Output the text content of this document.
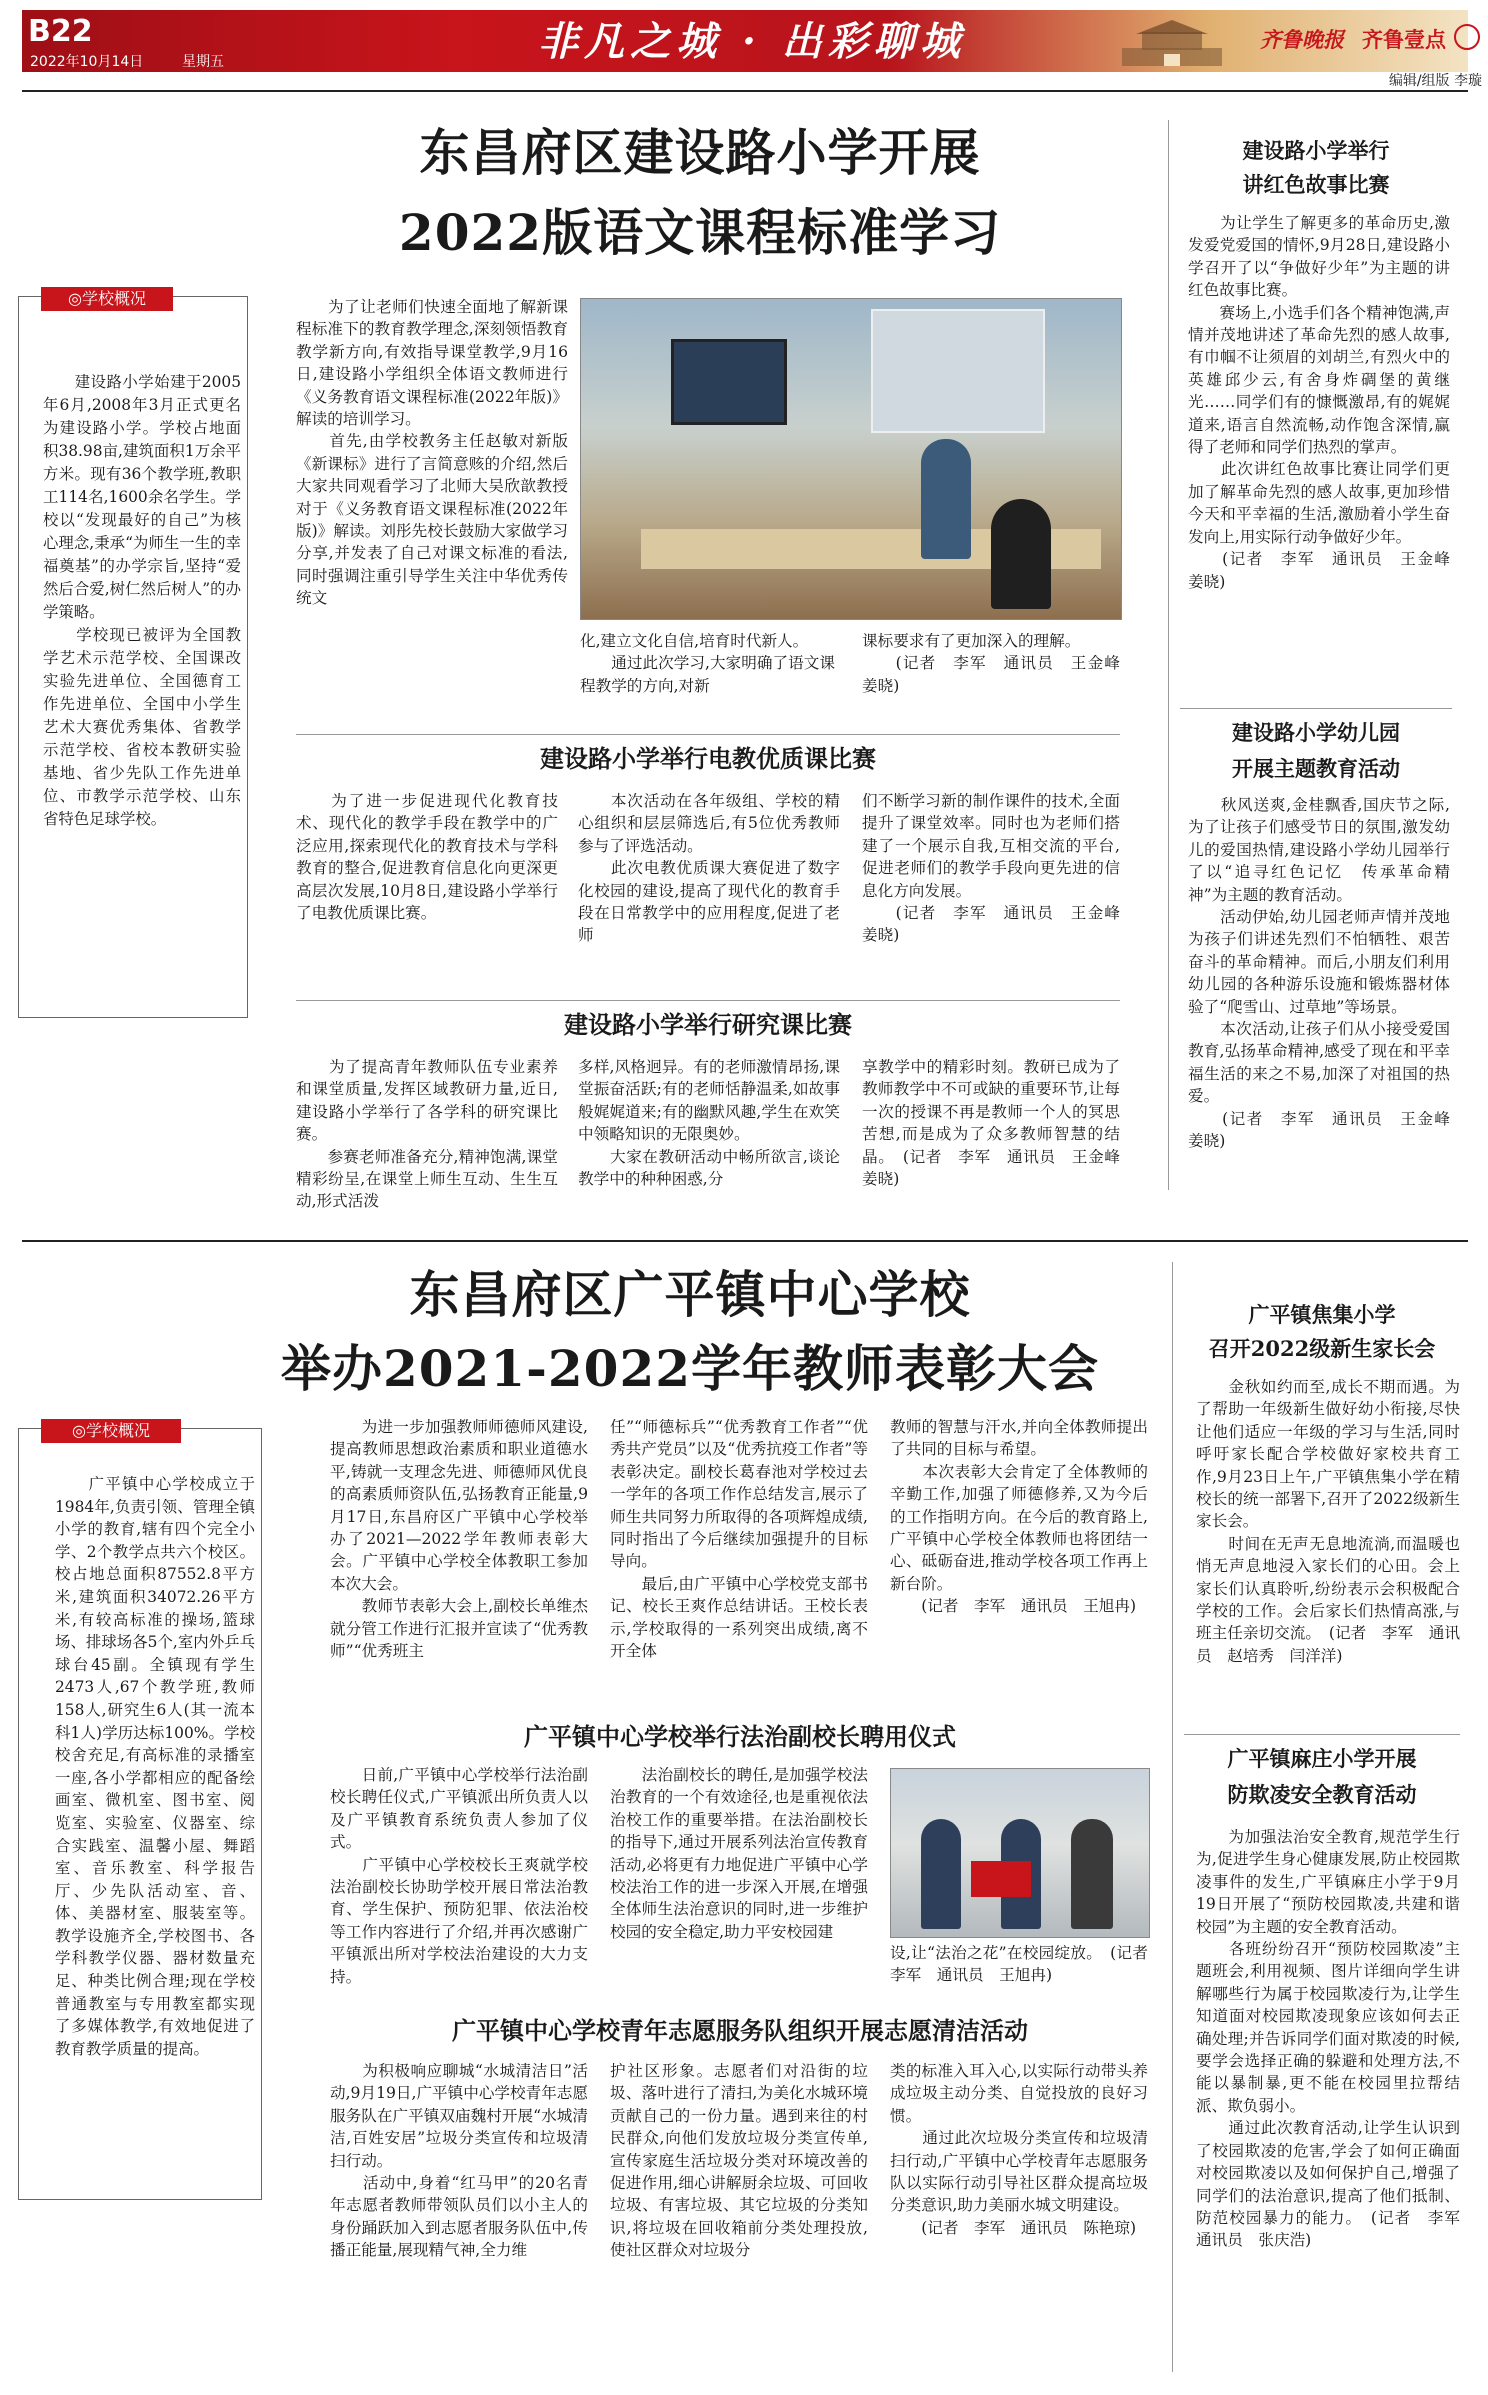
B22
2022年10月14日	星期五	非凡之城 · 出彩聊城	齐鲁晚报 齐鲁壹点
编辑/组版 李璇
东昌府区建设路小学开展
2022版语文课程标准学习
◎学校概况
　　建设路小学始建于2005年6月,2008年3月正式更名为建设路小学。学校占地面积38.98亩,建筑面积1万余平方米。现有36个教学班,教职工114名,1600余名学生。学校以“发现最好的自己”为核心理念,秉承“为师生一生的幸福奠基”的办学宗旨,坚持“爱然后合爱,树仁然后树人”的办学策略。
　　学校现已被评为全国教学艺术示范学校、全国课改实验先进单位、全国德育工作先进单位、全国中小学生艺术大赛优秀集体、省教学示范学校、省校本教研实验基地、省少先队工作先进单位、市教学示范学校、山东省特色足球学校。
　　为了让老师们快速全面地了解新课程标准下的教育教学理念,深刻领悟教育教学新方向,有效指导课堂教学,9月16日,建设路小学组织全体语文教师进行《义务教育语文课程标准(2022年版)》解读的培训学习。
　　首先,由学校教务主任赵敏对新版《新课标》进行了言简意赅的介绍,然后大家共同观看学习了北师大吴欣歆教授对于《义务教育语文课程标准(2022年版)》解读。刘彤先校长鼓励大家做学习分享,并发表了自己对课文标准的看法,同时强调注重引导学生关注中华优秀传统文
化,建立文化自信,培育时代新人。
　　通过此次学习,大家明确了语文课程教学的方向,对新
课标要求有了更加深入的理解。
　　(记者　李军　通讯员　王金峰　姜晓)
建设路小学举行电教优质课比赛
　　为了进一步促进现代化教育技术、现代化的教学手段在教学中的广泛应用,探索现代化的教育技术与学科教育的整合,促进教育信息化向更深更高层次发展,10月8日,建设路小学举行了电教优质课比赛。
　　本次活动在各年级组、学校的精心组织和层层筛选后,有5位优秀教师参与了评选活动。
　　此次电教优质课大赛促进了数字化校园的建设,提高了现代化的教育手段在日常教学中的应用程度,促进了老师
们不断学习新的制作课件的技术,全面提升了课堂效率。同时也为老师们搭建了一个展示自我,互相交流的平台,促进老师们的教学手段向更先进的信息化方向发展。
　　(记者　李军　通讯员　王金峰　姜晓)
建设路小学举行研究课比赛
　　为了提高青年教师队伍专业素养和课堂质量,发挥区域教研力量,近日,建设路小学举行了各学科的研究课比赛。
　　参赛老师准备充分,精神饱满,课堂精彩纷呈,在课堂上师生互动、生生互动,形式活泼
多样,风格迥异。有的老师激情昂扬,课堂振奋活跃;有的老师恬静温柔,如故事般娓娓道来;有的幽默风趣,学生在欢笑中领略知识的无限奥妙。
　　大家在教研活动中畅所欲言,谈论教学中的种种困惑,分
享教学中的精彩时刻。教研已成为了教师教学中不可或缺的重要环节,让每一次的授课不再是教师一个人的冥思苦想,而是成为了众多教师智慧的结晶。　(记者　李军　通讯员　王金峰　姜晓)
建设路小学举行
讲红色故事比赛
　　为让学生了解更多的革命历史,激发爱党爱国的情怀,9月28日,建设路小学召开了以“争做好少年”为主题的讲红色故事比赛。
　　赛场上,小选手们各个精神饱满,声情并茂地讲述了革命先烈的感人故事,有巾帼不让须眉的刘胡兰,有烈火中的英雄邱少云,有舍身炸碉堡的黄继光……同学们有的慷慨激昂,有的娓娓道来,语言自然流畅,动作饱含深情,赢得了老师和同学们热烈的掌声。
　　此次讲红色故事比赛让同学们更加了解革命先烈的感人故事,更加珍惜今天和平幸福的生活,激励着小学生奋发向上,用实际行动争做好少年。
　　(记者　李军　通讯员　王金峰　姜晓)
建设路小学幼儿园
开展主题教育活动
　　秋风送爽,金桂飘香,国庆节之际,为了让孩子们感受节日的氛围,激发幼儿的爱国热情,建设路小学幼儿园举行了以“追寻红色记忆　传承革命精神”为主题的教育活动。
　　活动伊始,幼儿园老师声情并茂地为孩子们讲述先烈们不怕牺牲、艰苦奋斗的革命精神。而后,小朋友们利用幼儿园的各种游乐设施和锻炼器材体验了“爬雪山、过草地”等场景。
　　本次活动,让孩子们从小接受爱国教育,弘扬革命精神,感受了现在和平幸福生活的来之不易,加深了对祖国的热爱。
　　(记者　李军　通讯员　王金峰　姜晓)
东昌府区广平镇中心学校
举办2021-2022学年教师表彰大会
◎学校概况
　　广平镇中心学校成立于1984年,负责引领、管理全镇小学的教育,辖有四个完全小学、2个教学点共六个校区。校占地总面积87552.8平方米,建筑面积34072.26平方米,有较高标准的操场,篮球场、排球场各5个,室内外乒乓球台45副。全镇现有学生2473人,67个教学班,教师158人,研究生6人(其一流本科1人)学历达标100%。学校校舍充足,有高标准的录播室一座,各小学都相应的配备绘画室、微机室、图书室、阅览室、实验室、仪器室、综合实践室、温馨小屋、舞蹈室、音乐教室、科学报告厅、少先队活动室、音、体、美器材室、服装室等。教学设施齐全,学校图书、各学科教学仪器、器材数量充足、种类比例合理;现在学校普通教室与专用教室都实现了多媒体教学,有效地促进了教育教学质量的提高。
　　为进一步加强教师师德师风建设,提高教师思想政治素质和职业道德水平,铸就一支理念先进、师德师风优良的高素质师资队伍,弘扬教育正能量,9月17日,东昌府区广平镇中心学校举办了2021—2022学年教师表彰大会。广平镇中心学校全体教职工参加本次大会。
　　教师节表彰大会上,副校长单维杰就分管工作进行汇报并宣读了“优秀教师”“优秀班主
任”“师德标兵”“优秀教育工作者”“优秀共产党员”以及“优秀抗疫工作者”等表彰决定。副校长葛春池对学校过去一学年的各项工作作总结发言,展示了师生共同努力所取得的各项辉煌成绩,同时指出了今后继续加强提升的目标导向。
　　最后,由广平镇中心学校党支部书记、校长王爽作总结讲话。王校长表示,学校取得的一系列突出成绩,离不开全体
教师的智慧与汗水,并向全体教师提出了共同的目标与希望。
　　本次表彰大会肯定了全体教师的辛勤工作,加强了师德修养,又为今后的工作指明方向。在今后的教育路上,广平镇中心学校全体教师也将团结一心、砥砺奋进,推动学校各项工作再上新台阶。
　　(记者　李军　通讯员　王旭冉)
广平镇中心学校举行法治副校长聘用仪式
　　日前,广平镇中心学校举行法治副校长聘任仪式,广平镇派出所负责人以及广平镇教育系统负责人参加了仪式。
　　广平镇中心学校校长王爽就学校法治副校长协助学校开展日常法治教育、学生保护、预防犯罪、依法治校等工作内容进行了介绍,并再次感谢广平镇派出所对学校法治建设的大力支持。
　　法治副校长的聘任,是加强学校法治教育的一个有效途径,也是重视依法治校工作的重要举措。在法治副校长的指导下,通过开展系列法治宣传教育活动,必将更有力地促进广平镇中心学校法治工作的进一步深入开展,在增强全体师生法治意识的同时,进一步维护校园的安全稳定,助力平安校园建
设,让“法治之花”在校园绽放。　(记者　李军　通讯员　王旭冉)
广平镇中心学校青年志愿服务队组织开展志愿清洁活动
　　为积极响应聊城“水城清洁日”活动,9月19日,广平镇中心学校青年志愿服务队在广平镇双庙魏村开展“水城清洁,百姓安居”垃圾分类宣传和垃圾清扫行动。
　　活动中,身着“红马甲”的20名青年志愿者教师带领队员们以小主人的身份踊跃加入到志愿者服务队伍中,传播正能量,展现精气神,全力维
护社区形象。志愿者们对沿街的垃圾、落叶进行了清扫,为美化水城环境贡献自己的一份力量。遇到来往的村民群众,向他们发放垃圾分类宣传单,宣传家庭生活垃圾分类对环境改善的促进作用,细心讲解厨余垃圾、可回收垃圾、有害垃圾、其它垃圾的分类知识,将垃圾在回收箱前分类处理投放,使社区群众对垃圾分
类的标准入耳入心,以实际行动带头养成垃圾主动分类、自觉投放的良好习惯。
　　通过此次垃圾分类宣传和垃圾清扫行动,广平镇中心学校青年志愿服务队以实际行动引导社区群众提高垃圾分类意识,助力美丽水城文明建设。
　　(记者　李军　通讯员　陈艳琼)
广平镇焦集小学
召开2022级新生家长会
　　金秋如约而至,成长不期而遇。为了帮助一年级新生做好幼小衔接,尽快让他们适应一年级的学习与生活,同时呼吁家长配合学校做好家校共育工作,9月23日上午,广平镇焦集小学在精校长的统一部署下,召开了2022级新生家长会。
　　时间在无声无息地流淌,而温暖也悄无声息地浸入家长们的心田。会上家长们认真聆听,纷纷表示会积极配合学校的工作。会后家长们热情高涨,与班主任亲切交流。　(记者　李军　通讯员　赵培秀　闫洋洋)
广平镇麻庄小学开展
防欺凌安全教育活动
　　为加强法治安全教育,规范学生行为,促进学生身心健康发展,防止校园欺凌事件的发生,广平镇麻庄小学于9月19日开展了“预防校园欺凌,共建和谐校园”为主题的安全教育活动。
　　各班纷纷召开“预防校园欺凌”主题班会,利用视频、图片详细向学生讲解哪些行为属于校园欺凌行为,让学生知道面对校园欺凌现象应该如何去正确处理;并告诉同学们面对欺凌的时候,要学会选择正确的躲避和处理方法,不能以暴制暴,更不能在校园里拉帮结派、欺负弱小。
　　通过此次教育活动,让学生认识到了校园欺凌的危害,学会了如何正确面对校园欺凌以及如何保护自己,增强了同学们的法治意识,提高了他们抵制、防范校园暴力的能力。　(记者　李军　通讯员　张庆浩)
